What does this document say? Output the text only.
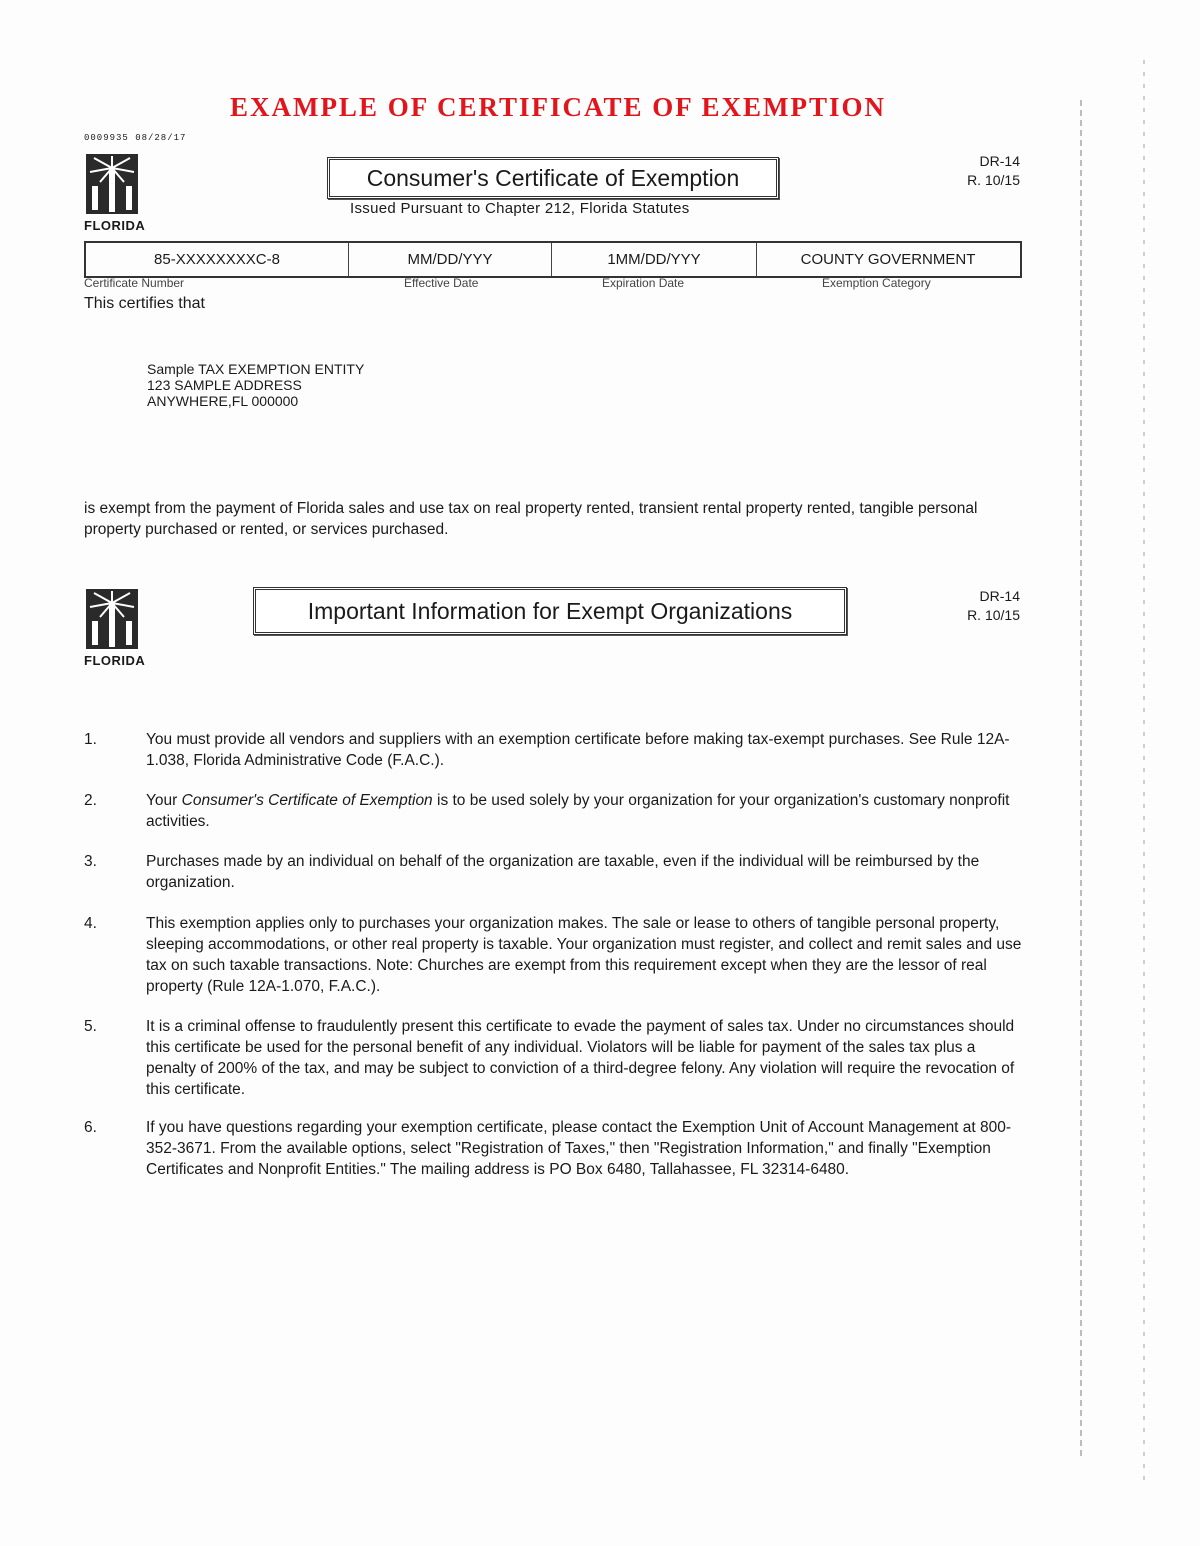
EXAMPLE OF CERTIFICATE OF EXEMPTION
0009935 08/28/17
FLORIDA
Consumer's Certificate of Exemption
Issued Pursuant to Chapter 212, Florida Statutes
DR-14
R. 10/15
85-XXXXXXXXC-8	MM/DD/YYY	1MM/DD/YYY	COUNTY GOVERNMENT
Certificate Number	Effective Date	Expiration Date	Exemption Category
This certifies that
Sample TAX EXEMPTION ENTITY
123 SAMPLE ADDRESS
ANYWHERE,FL 000000
is exempt from the payment of Florida sales and use tax on real property rented, transient rental property rented, tangible personal property purchased or rented, or services purchased.
FLORIDA
Important Information for Exempt Organizations
DR-14
R. 10/15
1.	You must provide all vendors and suppliers with an exemption certificate before making tax-exempt purchases. See Rule 12A-1.038, Florida Administrative Code (F.A.C.).
2.	Your Consumer's Certificate of Exemption is to be used solely by your organization for your organization's customary nonprofit activities.
3.	Purchases made by an individual on behalf of the organization are taxable, even if the individual will be reimbursed by the organization.
4.	This exemption applies only to purchases your organization makes. The sale or lease to others of tangible personal property, sleeping accommodations, or other real property is taxable. Your organization must register, and collect and remit sales and use tax on such taxable transactions. Note: Churches are exempt from this requirement except when they are the lessor of real property (Rule 12A-1.070, F.A.C.).
5.	It is a criminal offense to fraudulently present this certificate to evade the payment of sales tax. Under no circumstances should this certificate be used for the personal benefit of any individual. Violators will be liable for payment of the sales tax plus a penalty of 200% of the tax, and may be subject to conviction of a third-degree felony. Any violation will require the revocation of this certificate.
6.	If you have questions regarding your exemption certificate, please contact the Exemption Unit of Account Management at 800-352-3671. From the available options, select "Registration of Taxes," then "Registration Information," and finally "Exemption Certificates and Nonprofit Entities." The mailing address is PO Box 6480, Tallahassee, FL 32314-6480.
